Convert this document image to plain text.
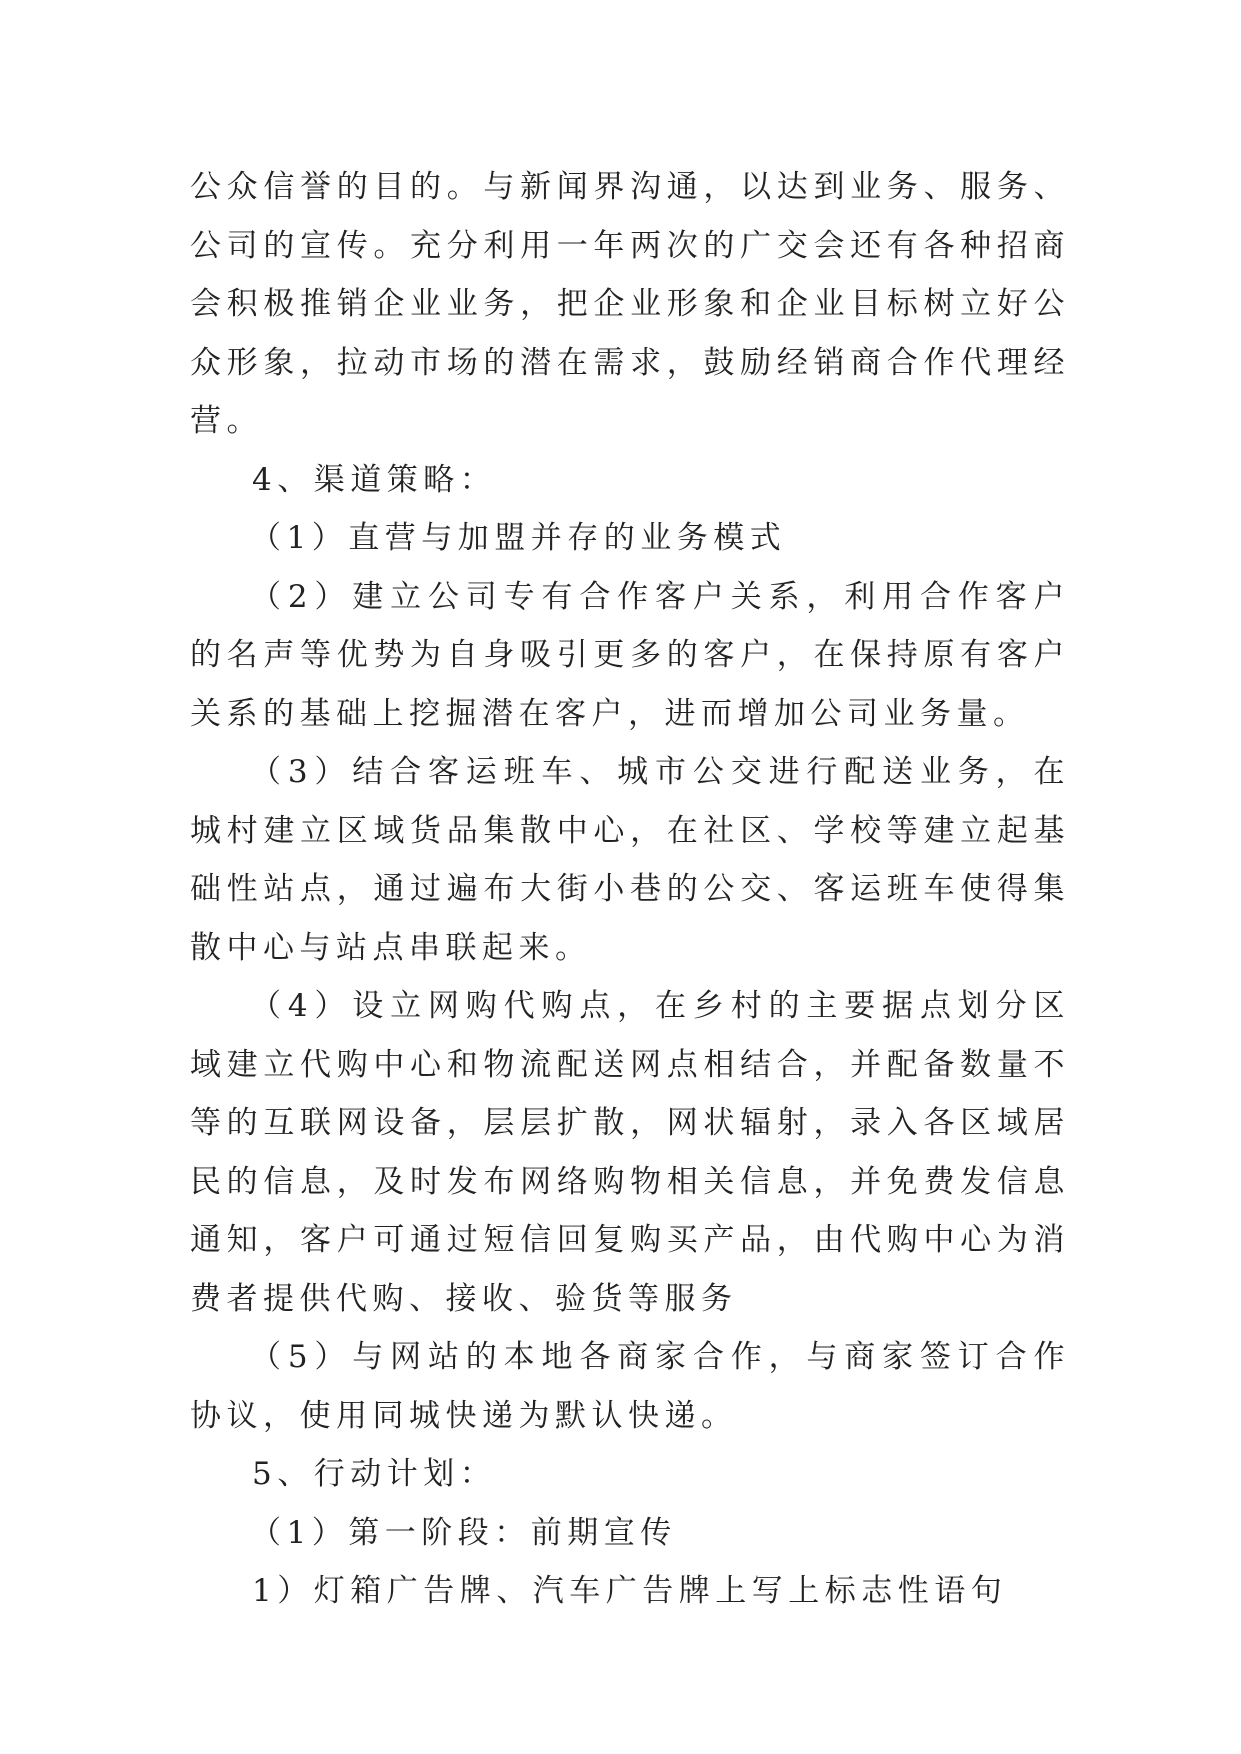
公众信誉的目的。与新闻界沟通，以达到业务、服务、公司的宣传。充分利用一年两次的广交会还有各种招商会积极推销企业业务，把企业形象和企业目标树立好公众形象，拉动市场的潜在需求，鼓励经销商合作代理经营。

4、渠道策略：

（1）直营与加盟并存的业务模式

（2）建立公司专有合作客户关系，利用合作客户的名声等优势为自身吸引更多的客户，在保持原有客户关系的基础上挖掘潜在客户，进而增加公司业务量。

（3）结合客运班车、城市公交进行配送业务，在城村建立区域货品集散中心，在社区、学校等建立起基础性站点，通过遍布大街小巷的公交、客运班车使得集散中心与站点串联起来。

（4）设立网购代购点，在乡村的主要据点划分区域建立代购中心和物流配送网点相结合，并配备数量不等的互联网设备，层层扩散，网状辐射，录入各区域居民的信息，及时发布网络购物相关信息，并免费发信息通知，客户可通过短信回复购买产品，由代购中心为消费者提供代购、接收、验货等服务

（5）与网站的本地各商家合作，与商家签订合作协议，使用同城快递为默认快递。

5、行动计划：

（1）第一阶段：前期宣传

1）灯箱广告牌、汽车广告牌上写上标志性语句
